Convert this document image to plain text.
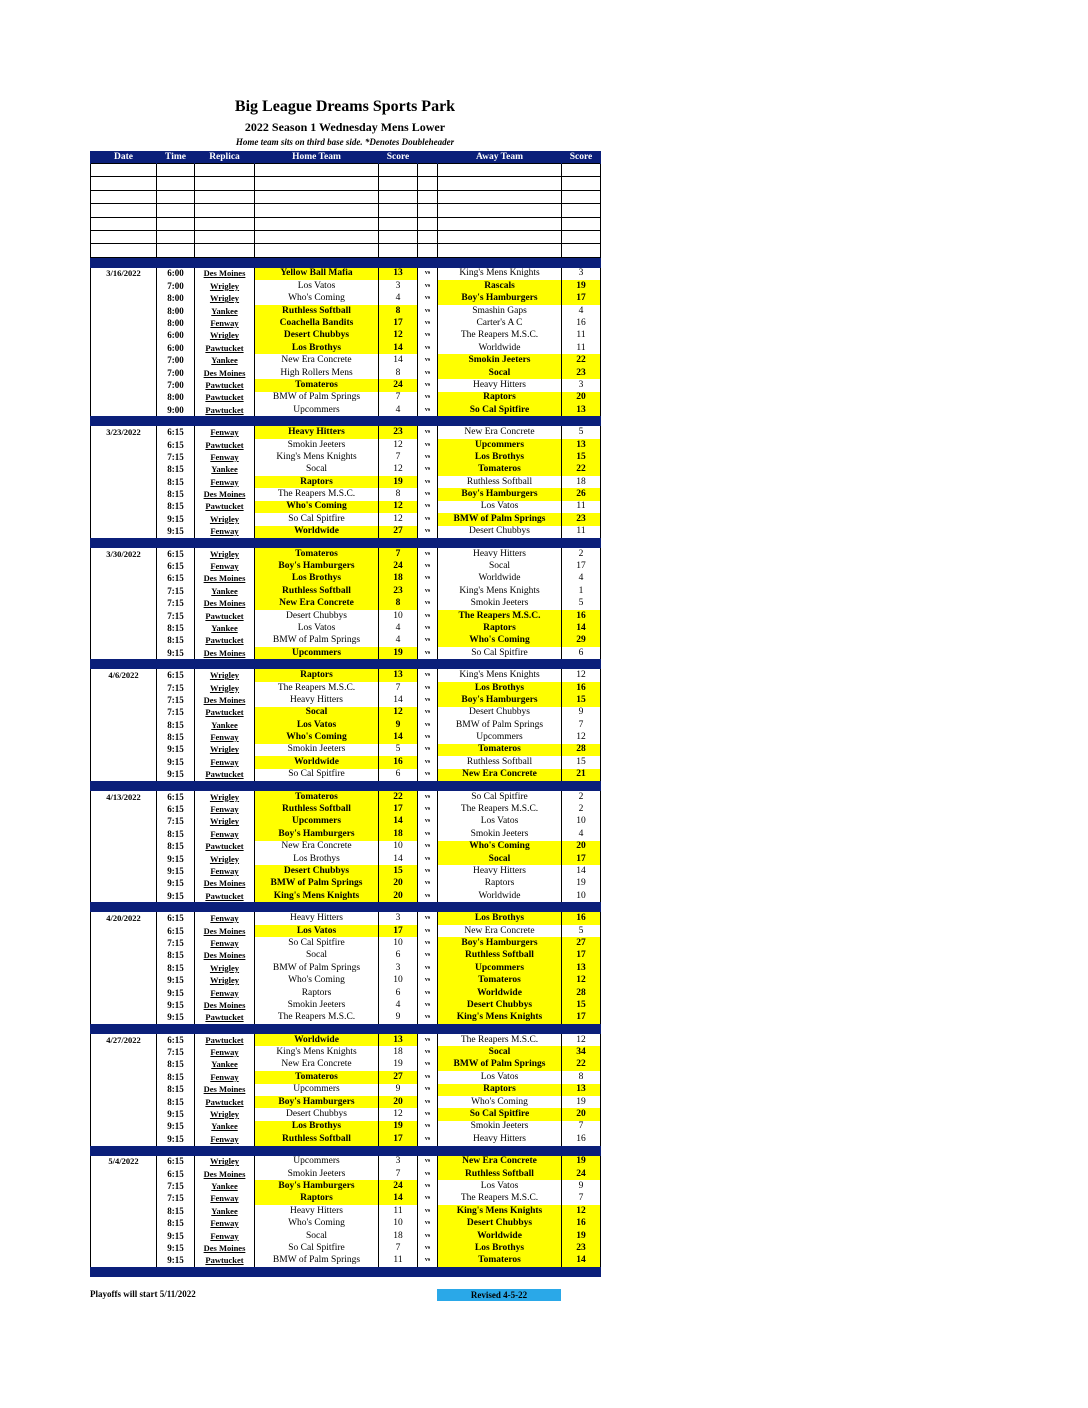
Big League Dreams Sports Park
2022 Season 1 Wednesday Mens Lower
Home team sits on third base side. *Denotes Doubleheader
Date	Time	Replica	Home Team	Score		Away Team	Score

3/16/2022	6:00	Des Moines	Yellow Ball Mafia	13	vs	King's Mens Knights	3
	7:00	Wrigley	Los Vatos	3	vs	Rascals	19
	8:00	Wrigley	Who's Coming	4	vs	Boy's Hamburgers	17
	8:00	Yankee	Ruthless Softball	8	vs	Smashin Gaps	4
	8:00	Fenway	Coachella Bandits	17	vs	Carter's A C	16
	6:00	Wrigley	Desert Chubbys	12	vs	The Reapers M.S.C.	11
	6:00	Pawtucket	Los Brothys	14	vs	Worldwide	11
	7:00	Yankee	New Era Concrete	14	vs	Smokin Jeeters	22
	7:00	Des Moines	High Rollers Mens	8	vs	Socal	23
	7:00	Pawtucket	Tomateros	24	vs	Heavy Hitters	3
	8:00	Pawtucket	BMW of Palm Springs	7	vs	Raptors	20
	9:00	Pawtucket	Upcommers	4	vs	So Cal Spitfire	13

3/23/2022	6:15	Fenway	Heavy Hitters	23	vs	New Era Concrete	5
	6:15	Pawtucket	Smokin Jeeters	12	vs	Upcommers	13
	7:15	Fenway	King's Mens Knights	7	vs	Los Brothys	15
	8:15	Yankee	Socal	12	vs	Tomateros	22
	8:15	Fenway	Raptors	19	vs	Ruthless Softball	18
	8:15	Des Moines	The Reapers M.S.C.	8	vs	Boy's Hamburgers	26
	8:15	Pawtucket	Who's Coming	12	vs	Los Vatos	11
	9:15	Wrigley	So Cal Spitfire	12	vs	BMW of Palm Springs	23
	9:15	Fenway	Worldwide	27	vs	Desert Chubbys	11

3/30/2022	6:15	Wrigley	Tomateros	7	vs	Heavy Hitters	2
	6:15	Fenway	Boy's Hamburgers	24	vs	Socal	17
	6:15	Des Moines	Los Brothys	18	vs	Worldwide	4
	7:15	Yankee	Ruthless Softball	23	vs	King's Mens Knights	1
	7:15	Des Moines	New Era Concrete	8	vs	Smokin Jeeters	5
	7:15	Pawtucket	Desert Chubbys	10	vs	The Reapers M.S.C.	16
	8:15	Yankee	Los Vatos	4	vs	Raptors	14
	8:15	Pawtucket	BMW of Palm Springs	4	vs	Who's Coming	29
	9:15	Des Moines	Upcommers	19	vs	So Cal Spitfire	6

4/6/2022	6:15	Wrigley	Raptors	13	vs	King's Mens Knights	12
	7:15	Wrigley	The Reapers M.S.C.	7	vs	Los Brothys	16
	7:15	Des Moines	Heavy Hitters	14	vs	Boy's Hamburgers	15
	7:15	Pawtucket	Socal	12	vs	Desert Chubbys	9
	8:15	Yankee	Los Vatos	9	vs	BMW of Palm Springs	7
	8:15	Fenway	Who's Coming	14	vs	Upcommers	12
	9:15	Wrigley	Smokin Jeeters	5	vs	Tomateros	28
	9:15	Fenway	Worldwide	16	vs	Ruthless Softball	15
	9:15	Pawtucket	So Cal Spitfire	6	vs	New Era Concrete	21

4/13/2022	6:15	Wrigley	Tomateros	22	vs	So Cal Spitfire	2
	6:15	Fenway	Ruthless Softball	17	vs	The Reapers M.S.C.	2
	7:15	Wrigley	Upcommers	14	vs	Los Vatos	10
	8:15	Fenway	Boy's Hamburgers	18	vs	Smokin Jeeters	4
	8:15	Pawtucket	New Era Concrete	10	vs	Who's Coming	20
	9:15	Wrigley	Los Brothys	14	vs	Socal	17
	9:15	Fenway	Desert Chubbys	15	vs	Heavy Hitters	14
	9:15	Des Moines	BMW of Palm Springs	20	vs	Raptors	19
	9:15	Pawtucket	King's Mens Knights	20	vs	Worldwide	10

4/20/2022	6:15	Fenway	Heavy Hitters	3	vs	Los Brothys	16
	6:15	Des Moines	Los Vatos	17	vs	New Era Concrete	5
	7:15	Fenway	So Cal Spitfire	10	vs	Boy's Hamburgers	27
	8:15	Des Moines	Socal	6	vs	Ruthless Softball	17
	8:15	Wrigley	BMW of Palm Springs	3	vs	Upcommers	13
	9:15	Wrigley	Who's Coming	10	vs	Tomateros	12
	9:15	Fenway	Raptors	6	vs	Worldwide	28
	9:15	Des Moines	Smokin Jeeters	4	vs	Desert Chubbys	15
	9:15	Pawtucket	The Reapers M.S.C.	9	vs	King's Mens Knights	17

4/27/2022	6:15	Pawtucket	Worldwide	13	vs	The Reapers M.S.C.	12
	7:15	Fenway	King's Mens Knights	18	vs	Socal	34
	8:15	Yankee	New Era Concrete	19	vs	BMW of Palm Springs	22
	8:15	Fenway	Tomateros	27	vs	Los Vatos	8
	8:15	Des Moines	Upcommers	9	vs	Raptors	13
	8:15	Pawtucket	Boy's Hamburgers	20	vs	Who's Coming	19
	9:15	Wrigley	Desert Chubbys	12	vs	So Cal Spitfire	20
	9:15	Yankee	Los Brothys	19	vs	Smokin Jeeters	7
	9:15	Fenway	Ruthless Softball	17	vs	Heavy Hitters	16

5/4/2022	6:15	Wrigley	Upcommers	3	vs	New Era Concrete	19
	6:15	Des Moines	Smokin Jeeters	7	vs	Ruthless Softball	24
	7:15	Yankee	Boy's Hamburgers	24	vs	Los Vatos	9
	7:15	Fenway	Raptors	14	vs	The Reapers M.S.C.	7
	8:15	Yankee	Heavy Hitters	11	vs	King's Mens Knights	12
	8:15	Fenway	Who's Coming	10	vs	Desert Chubbys	16
	9:15	Fenway	Socal	18	vs	Worldwide	19
	9:15	Des Moines	So Cal Spitfire	7	vs	Los Brothys	23
	9:15	Pawtucket	BMW of Palm Springs	11	vs	Tomateros	14

Playoffs will start 5/11/2022	Revised 4-5-22
